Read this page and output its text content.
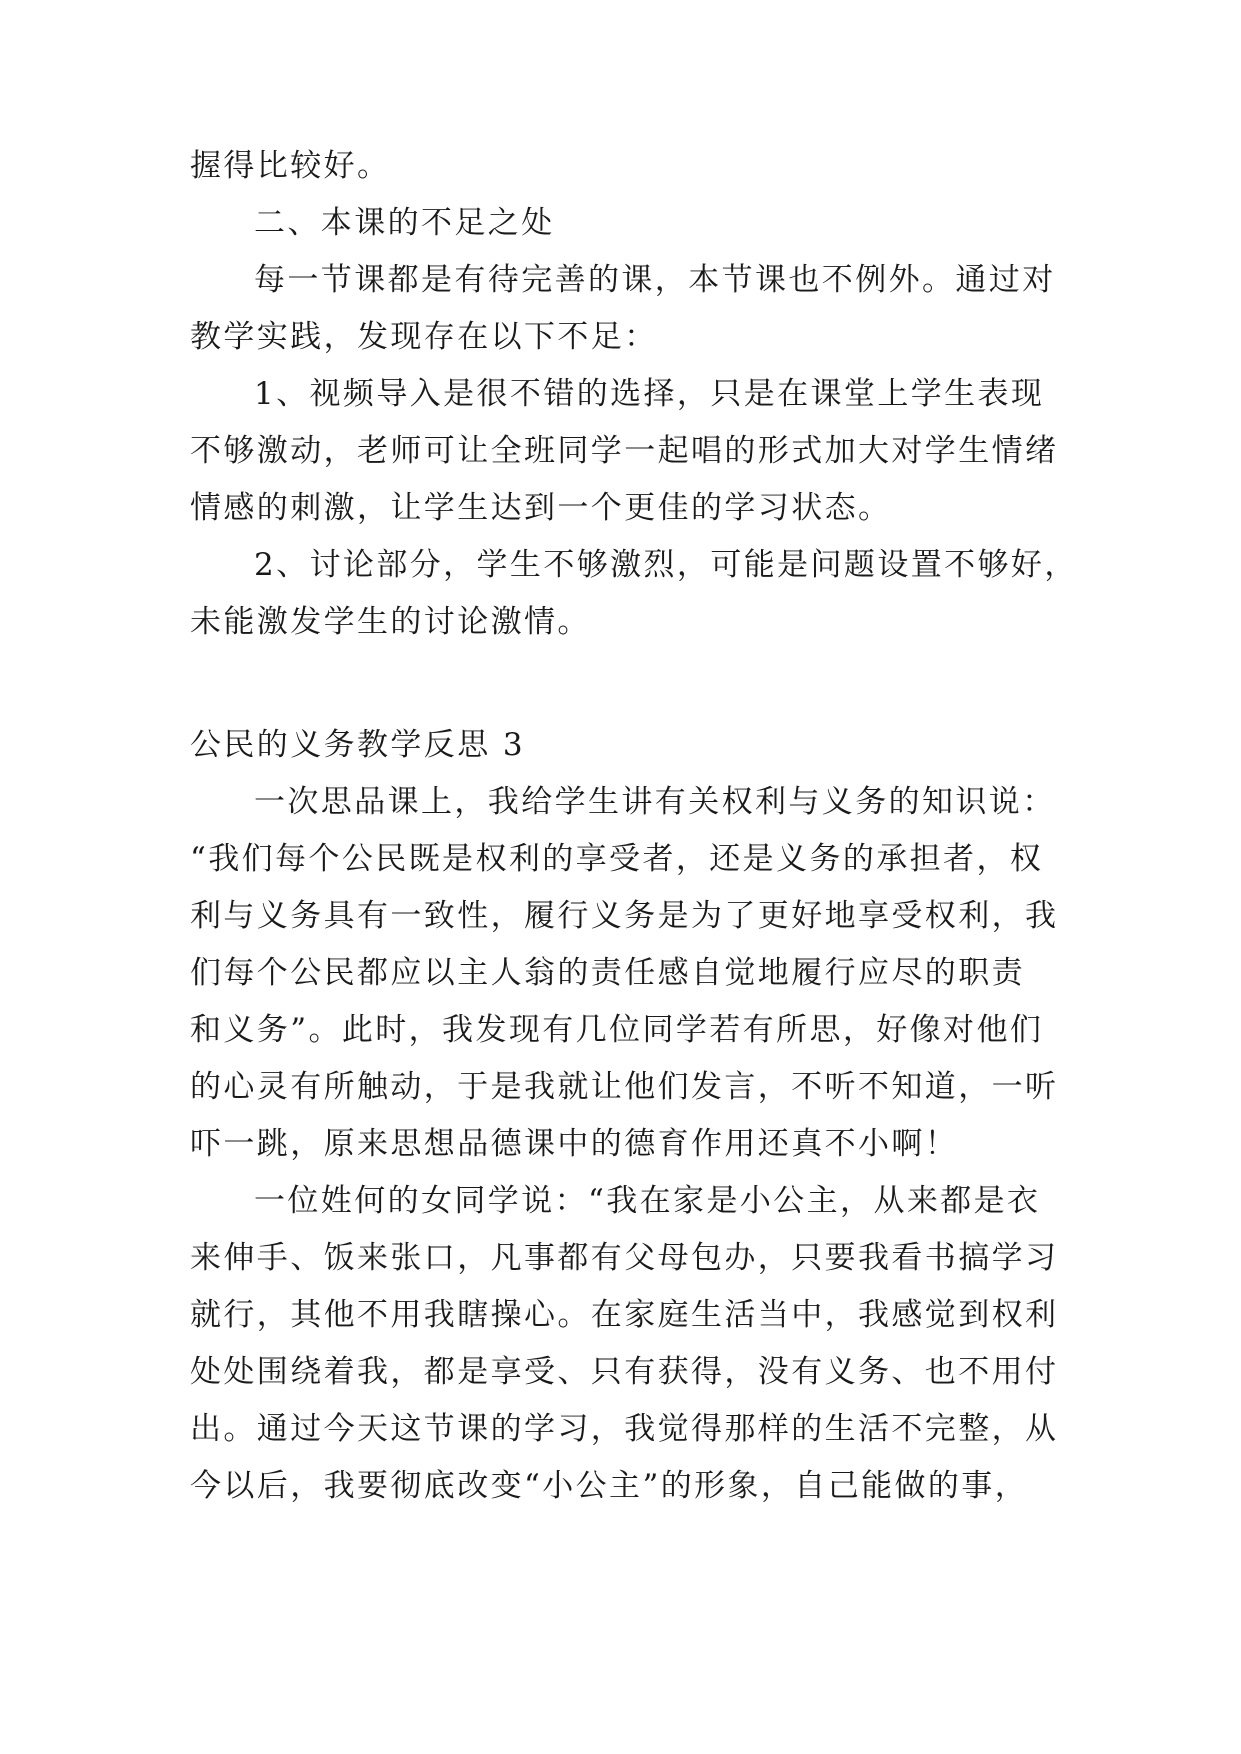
握得比较好。
二、本课的不足之处
每一节课都是有待完善的课，本节课也不例外。通过对
教学实践，发现存在以下不足：
1、视频导入是很不错的选择，只是在课堂上学生表现
不够激动，老师可让全班同学一起唱的形式加大对学生情绪
情感的刺激，让学生达到一个更佳的学习状态。
2、讨论部分，学生不够激烈，可能是问题设置不够好，
未能激发学生的讨论激情。
公民的义务教学反思 3
一次思品课上，我给学生讲有关权利与义务的知识说：
“我们每个公民既是权利的享受者，还是义务的承担者，权
利与义务具有一致性，履行义务是为了更好地享受权利，我
们每个公民都应以主人翁的责任感自觉地履行应尽的职责
和义务”。此时，我发现有几位同学若有所思，好像对他们
的心灵有所触动，于是我就让他们发言，不听不知道，一听
吓一跳，原来思想品德课中的德育作用还真不小啊！
一位姓何的女同学说：“我在家是小公主，从来都是衣
来伸手、饭来张口，凡事都有父母包办，只要我看书搞学习
就行，其他不用我瞎操心。在家庭生活当中，我感觉到权利
处处围绕着我，都是享受、只有获得，没有义务、也不用付
出。通过今天这节课的学习，我觉得那样的生活不完整，从
今以后，我要彻底改变“小公主”的形象，自己能做的事，
